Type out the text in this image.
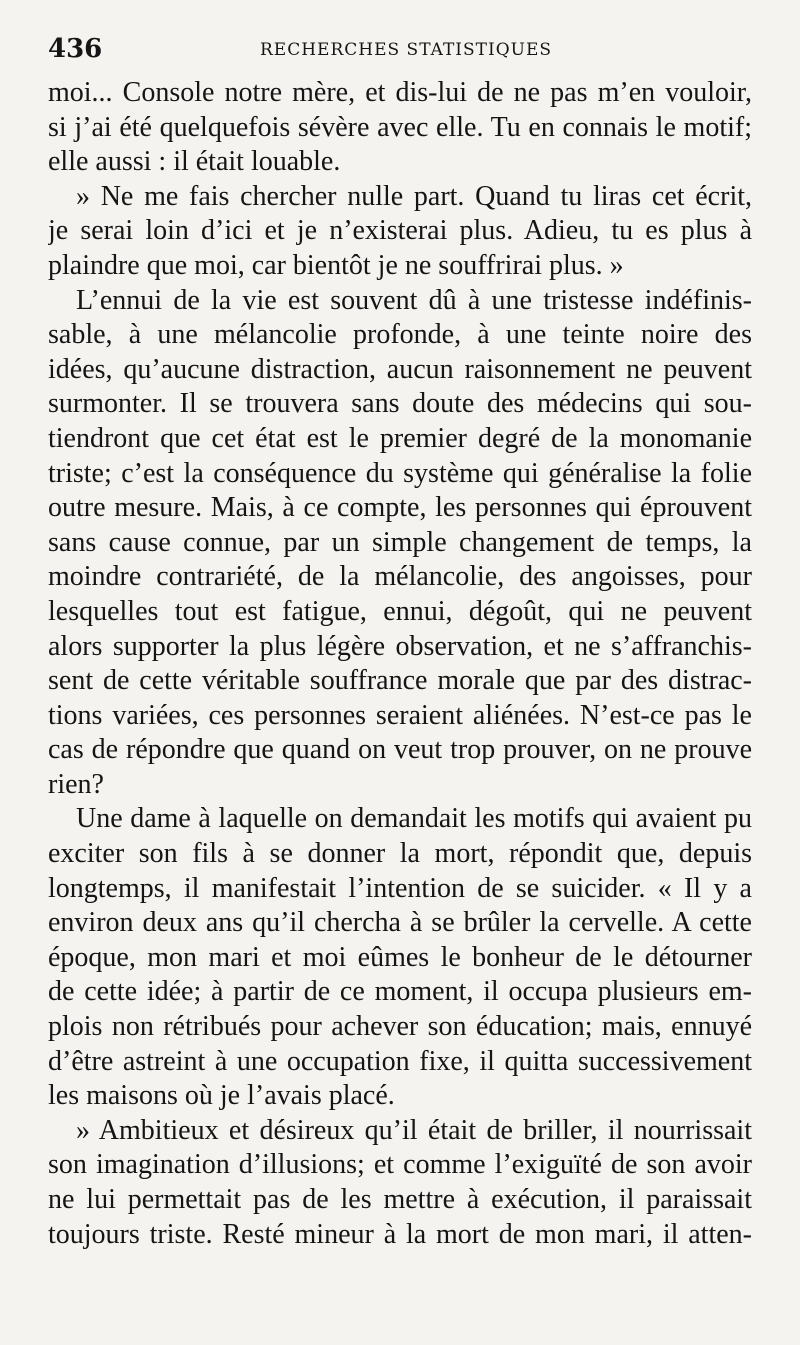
436	RECHERCHES STATISTIQUES
moi... Console notre mère, et dis-lui de ne pas m’en vouloir,
si j’ai été quelquefois sévère avec elle. Tu en connais le motif;
elle aussi : il était louable.
» Ne me fais chercher nulle part. Quand tu liras cet écrit,
je serai loin d’ici et je n’existerai plus. Adieu, tu es plus à
plaindre que moi, car bientôt je ne souffrirai plus. »
L’ennui de la vie est souvent dû à une tristesse indéfinis-
sable, à une mélancolie profonde, à une teinte noire des
idées, qu’aucune distraction, aucun raisonnement ne peuvent
surmonter. Il se trouvera sans doute des médecins qui sou-
tiendront que cet état est le premier degré de la monomanie
triste; c’est la conséquence du système qui généralise la folie
outre mesure. Mais, à ce compte, les personnes qui éprouvent
sans cause connue, par un simple changement de temps, la
moindre contrariété, de la mélancolie, des angoisses, pour
lesquelles tout est fatigue, ennui, dégoût, qui ne peuvent
alors supporter la plus légère observation, et ne s’affranchis-
sent de cette véritable souffrance morale que par des distrac-
tions variées, ces personnes seraient aliénées. N’est-ce pas le
cas de répondre que quand on veut trop prouver, on ne prouve
rien?
Une dame à laquelle on demandait les motifs qui avaient pu
exciter son fils à se donner la mort, répondit que, depuis
longtemps, il manifestait l’intention de se suicider. « Il y a
environ deux ans qu’il chercha à se brûler la cervelle. A cette
époque, mon mari et moi eûmes le bonheur de le détourner
de cette idée; à partir de ce moment, il occupa plusieurs em-
plois non rétribués pour achever son éducation; mais, ennuyé
d’être astreint à une occupation fixe, il quitta successivement
les maisons où je l’avais placé.
» Ambitieux et désireux qu’il était de briller, il nourrissait
son imagination d’illusions; et comme l’exiguïté de son avoir
ne lui permettait pas de les mettre à exécution, il paraissait
toujours triste. Resté mineur à la mort de mon mari, il atten-
